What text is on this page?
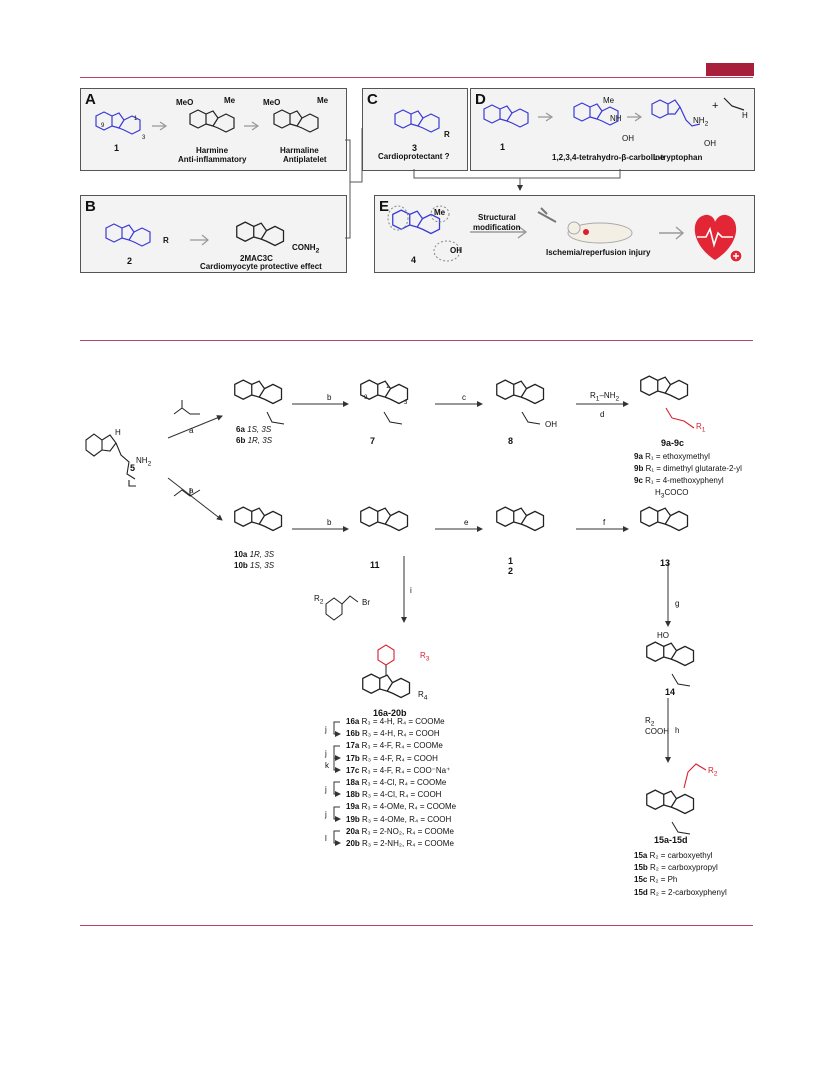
A
1
1
3
9
MeO	Me
Harmine
Anti-inflammatory
MeO	Me
Harmaline
Antiplatelet
B
2
R
$CONH_2$
2MAC3C
Cardiomyocyte protective effect
C
3
R
Cardioprotectant ?
D
1
Me
NH
OH
1,2,3,4-tetrahydro-β-carboline
$NH_2$
OH
L-tryptophan
+
H
E
4
Me
OH
Structural
modification
Ischemia/reperfusion injury
a
a
b
b
c
d
e	f
g
h
i
$R_1-NH_2$
$R_2$	Br
$R_2$
COOH
5
H
$NH_2$
6a 1S, 3S
6b 1R, 3S	7
1
3
9
8
OH
9a-9c
$R_1$

9a R₁ = ethoxymethyl

9b R₁ = dimethyl glutarate-2-yl

9c R₁ = 4-methoxyphenyl

10a 1R, 3S
10b 1S, 3S	11	1
2
13
$H_3COCO$
14
HO
15a-15d
$R_2$

15a R₂ = carboxyethyl

15b R₂ = carboxypropyl

15c R₂ = Ph

15d R₂ = 2-carboxyphenyl

16a-20b
$R_3$
$R_4$

16a R₃ = 4-H, R₄ = COOMe

16b R₃ = 4-H, R₄ = COOH

17a R₃ = 4-F, R₄ = COOMe

17b R₃ = 4-F, R₄ = COOH

17c R₃ = 4-F, R₄ = COO⁻Na⁺

18a R₃ = 4-Cl, R₄ = COOMe

18b R₃ = 4-Cl, R₄ = COOH

19a R₃ = 4-OMe, R₄ = COOMe

19b R₃ = 4-OMe, R₄ = COOH

20a R₃ = 2-NO₂, R₄ = COOMe

20b R₃ = 2-NH₂, R₄ = COOMe

j
j
k
j
j
l
